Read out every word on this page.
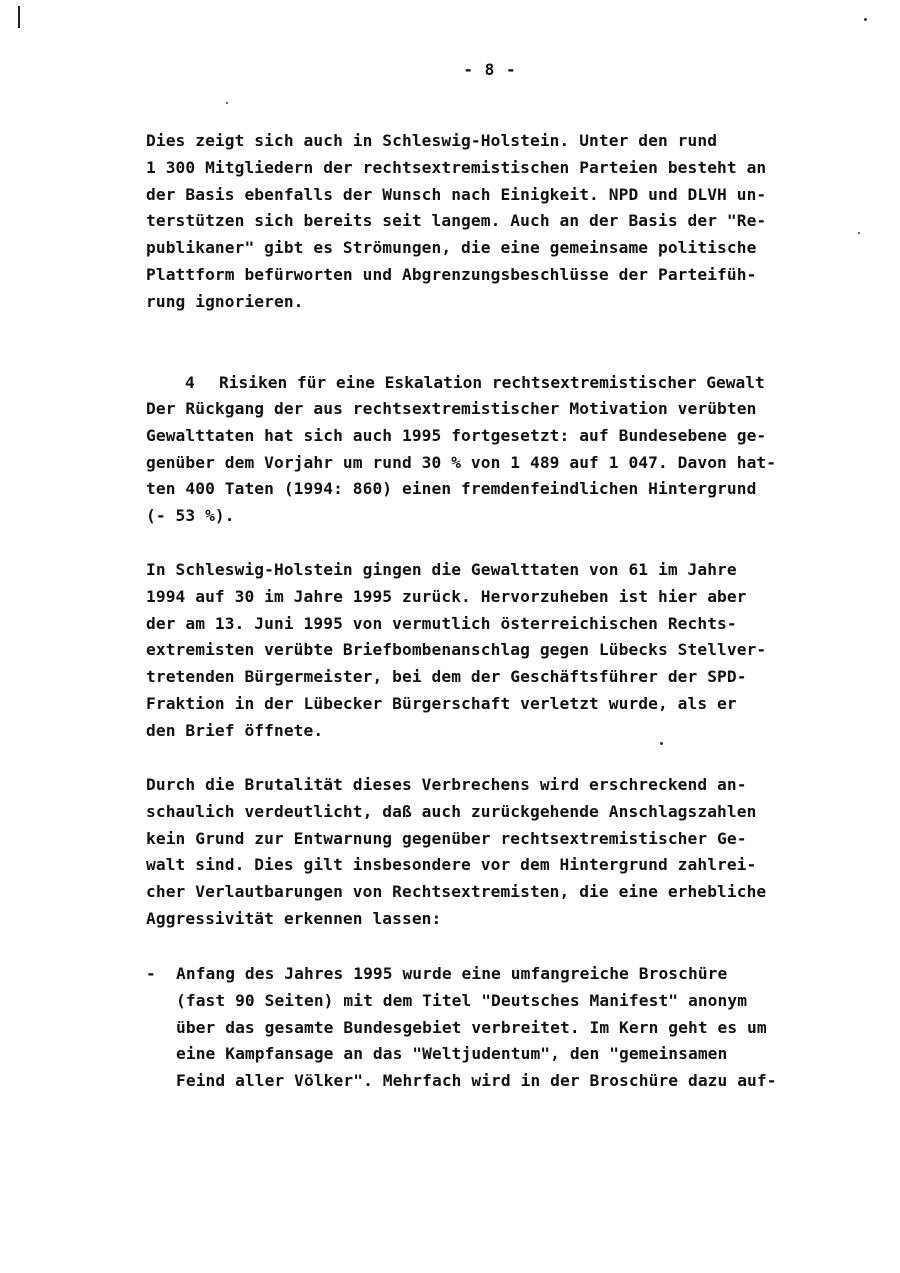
- 8 -
Dies zeigt sich auch in Schleswig-Holstein. Unter den rund
1 300 Mitgliedern der rechtsextremistischen Parteien besteht an
der Basis ebenfalls der Wunsch nach Einigkeit. NPD und DLVH un-
terstützen sich bereits seit langem. Auch an der Basis der "Re-
publikaner" gibt es Strömungen, die eine gemeinsame politische
Plattform befürworten und Abgrenzungsbeschlüsse der Parteifüh-
rung ignorieren.

4 Risiken für eine Eskalation rechtsextremistischer Gewalt

Der Rückgang der aus rechtsextremistischer Motivation verübten
Gewalttaten hat sich auch 1995 fortgesetzt: auf Bundesebene ge-
genüber dem Vorjahr um rund 30 % von 1 489 auf 1 047. Davon hat-
ten 400 Taten (1994: 860) einen fremdenfeindlichen Hintergrund
(- 53 %).
In Schleswig-Holstein gingen die Gewalttaten von 61 im Jahre
1994 auf 30 im Jahre 1995 zurück. Hervorzuheben ist hier aber
der am 13. Juni 1995 von vermutlich österreichischen Rechts-
extremisten verübte Briefbombenanschlag gegen Lübecks Stellver-
tretenden Bürgermeister, bei dem der Geschäftsführer der SPD-
Fraktion in der Lübecker Bürgerschaft verletzt wurde, als er
den Brief öffnete.
Durch die Brutalität dieses Verbrechens wird erschreckend an-
schaulich verdeutlicht, daß auch zurückgehende Anschlagszahlen
kein Grund zur Entwarnung gegenüber rechtsextremistischer Ge-
walt sind. Dies gilt insbesondere vor dem Hintergrund zahlrei-
cher Verlautbarungen von Rechtsextremisten, die eine erhebliche
Aggressivität erkennen lassen:
- Anfang des Jahres 1995 wurde eine umfangreiche Broschüre
(fast 90 Seiten) mit dem Titel "Deutsches Manifest" anonym
über das gesamte Bundesgebiet verbreitet. Im Kern geht es um
eine Kampfansage an das "Weltjudentum", den "gemeinsamen
Feind aller Völker". Mehrfach wird in der Broschüre dazu auf-
